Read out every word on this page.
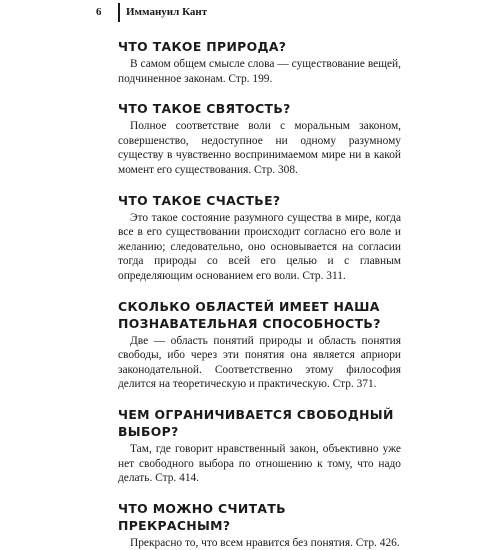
6 Иммануил Кант
ЧТО ТАКОЕ ПРИРОДА?

В самом общем смысле слова — существование вещей, подчиненное законам. Стр. 199.

ЧТО ТАКОЕ СВЯТОСТЬ?

Полное соответствие воли с моральным законом, совершенство, недоступное ни одному разумному существу в чувственно воспринимаемом мире ни в какой момент его существования. Стр. 308.

ЧТО ТАКОЕ СЧАСТЬЕ?

Это такое состояние разумного существа в мире, когда все в его существовании происходит согласно его воле и желанию; следовательно, оно основывается на согласии тогда природы со всей его целью и с главным определяющим основанием его воли. Стр. 311.

СКОЛЬКО ОБЛАСТЕЙ ИМЕЕТ НАША ПОЗНАВАТЕЛЬНАЯ СПОСОБНОСТЬ?

Две — область понятий природы и область понятия свободы, ибо через эти понятия она является априори законодательной. Соответственно этому философия делится на теоретическую и практическую. Стр. 371.

ЧЕМ ОГРАНИЧИВАЕТСЯ СВОБОДНЫЙ ВЫБОР?

Там, где говорит нравственный закон, объективно уже нет свободного выбора по отношению к тому, что надо делать. Стр. 414.

ЧТО МОЖНО СЧИТАТЬ ПРЕКРАСНЫМ?

Прекрасно то, что всем нравится без понятия. Стр. 426.
